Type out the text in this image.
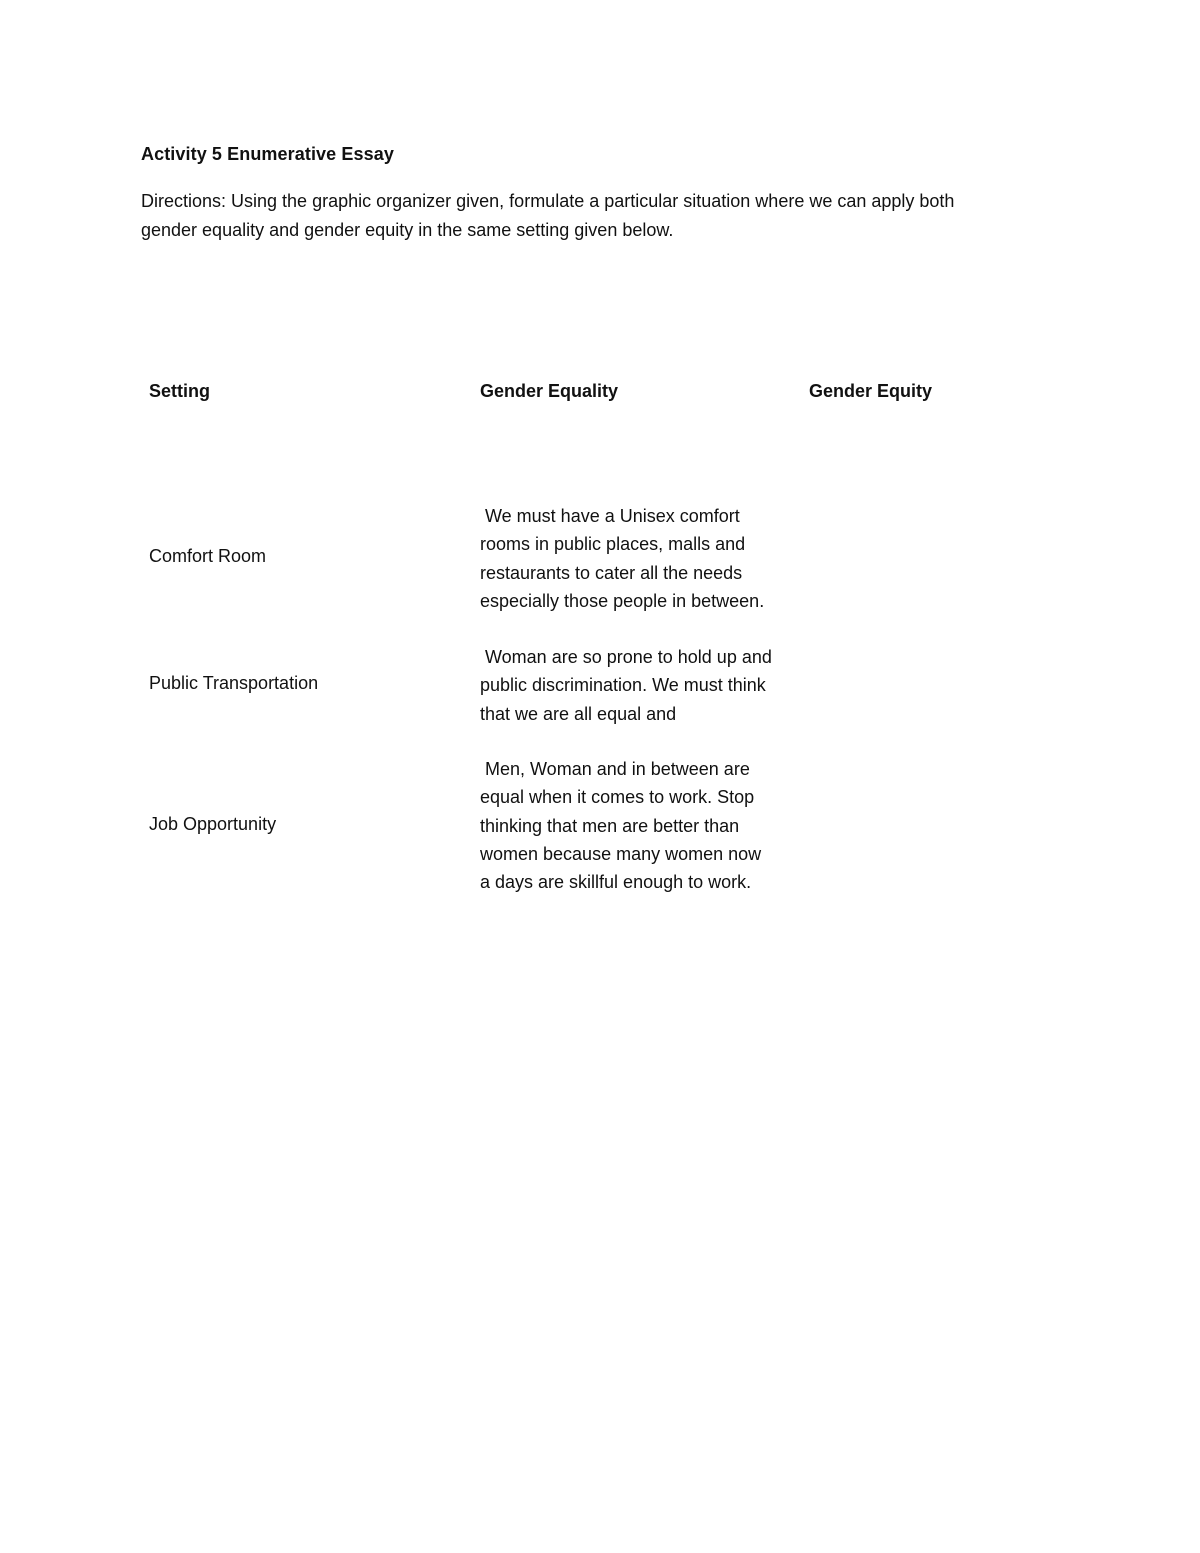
Activity 5 Enumerative Essay
Directions: Using the graphic organizer given, formulate a particular situation where we can apply both
gender equality and gender equity in the same setting given below.
Setting	Gender Equality	Gender Equity
Comfort Room
We must have a Unisex comfort
rooms in public places, malls and
restaurants to cater all the needs
especially those people in between.
Public Transportation
Woman are so prone to hold up and
public discrimination. We must think
that we are all equal and
Job Opportunity
Men, Woman and in between are
equal when it comes to work. Stop
thinking that men are better than
women because many women now
a days are skillful enough to work.
